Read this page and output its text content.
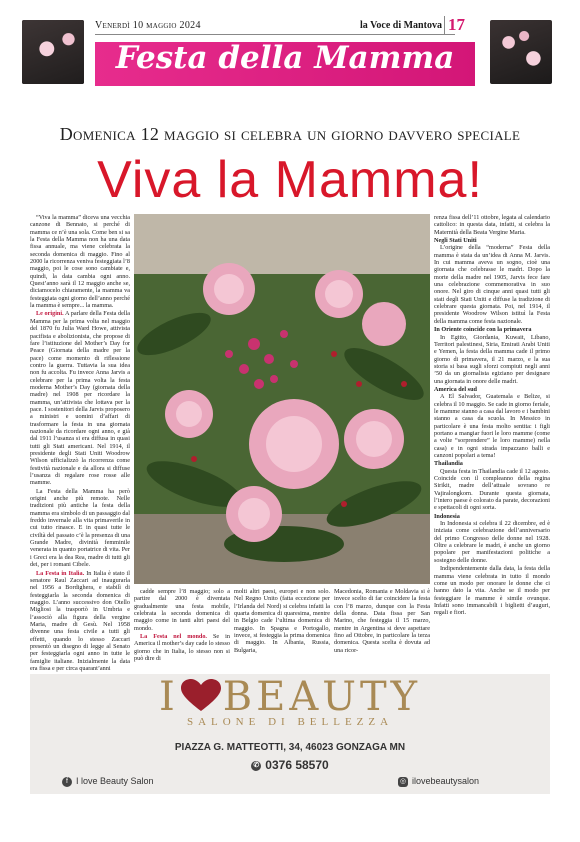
Venerdì 10 maggio 2024	la Voce di Mantova 17
Festa della Mamma
Domenica 12 maggio si celebra un giorno davvero speciale
Viva la Mamma!

“Viva la mamma” diceva una vecchia canzone di Bennato, si perché di mamma ce n’è una sola. Come ben si sa la Festa della Mamma non ha una data fissa annuale, ma viene celebrata la seconda domenica di maggio. Fino al 2000 la ricorrenza veniva festeggiata l’8 maggio, poi le cose sono cambiate e, quindi, la data cambia ogni anno. Quest’anno sarà il 12 maggio anche se, diciamocelo chiaramente, la mamma va festeggiata ogni giorno dell’anno perché la mamma è sempre... la mamma.

Le origini. A parlare della Festa della Mamma per la prima volta nel maggio del 1870 fu Julia Ward Howe, attivista pacifista e abolizionista, che propose di fare l’istituzione del Mother’s Day for Peace (Giornata della madre per la pace) come momento di riflessione contro la guerra. Tuttavia la sua idea non fu accolta. Fu invece Anna Jarvis a celebrare per la prima volta la festa moderna Mother’s Day (giornata della madre) nel 1908 per ricordare la mamma, un’attivista che lottava per la pace. I sostenitori della Jarvis proposero a ministri e uomini d’affari di trasformare la festa in una giornata nazionale da ricordare ogni anno, e già dal 1911 l’usanza si era diffusa in quasi tutti gli Stati americani. Nel 1914, il presidente degli Stati Uniti Woodrow Wilson ufficializzò la ricorrenza come festività nazionale e da allora si diffuse l’usanza di regalare rose rosse alle mamme.

La Festa della Mamma ha però origini anche più remote. Nelle tradizioni più antiche la festa della mamma era simbolo di un passaggio dal freddo invernale alla vita primaverile in cui tutto rinasce. E in quasi tutte le civiltà del passato c’è la presenza di una Grande Madre, divinità femminile venerata in quanto portatrice di vita. Per i Greci era la dea Rea, madre di tutti gli dei, per i romani Cibele.

La Festa in Italia. In Italia è stato il senatore Raul Zaccari ad inaugurarla nel 1956 a Bordighera, e stabilì di festeggiarla la seconda domenica di maggio. L’anno successivo don Otello Migliosi la trasportò in Umbria e l’associò alla figura della vergine Maria, madre di Gesù. Nel 1958 divenne una festa civile a tutti gli effetti, quando lo stesso Zaccari presentò un disegno di legge al Senato per festeggiarla ogni anno in tutte le famiglie italiane. Inizialmente la data era fissa e per circa quarant’anni

cadde sempre l’8 maggio; solo a partire dal 2000 è diventata gradualmente una festa mobile, celebrata la seconda domenica di maggio come in tanti altri paesi del mondo.

La Festa nel mondo. Se in America il mother’s day cade lo stesso giorno che in Italia, lo stesso non si può dire di

molti altri paesi, europei e non solo. Nel Regno Unito (fatta eccezione per l’Irlanda del Nord) si celebra infatti la quarta domenica di quaresima, mentre in Belgio cade l’ultima domenica di maggio. In Spagna e Portogallo, invece, si festeggia la prima domenica di maggio. In Albania, Russia, Bulgaria,

Macedonia, Romania e Moldavia si è invece scelto di far coincidere la festa con l’8 marzo, dunque con la Festa della donna. Data fissa per San Marino, che festeggia il 15 marzo, mentre in Argentina si deve aspettare fino ad Ottobre, in particolare la terza domenica. Questa scelta è dovuta ad una ricor-

renza fissa dell’11 ottobre, legata al calendario cattolico: in questa data, infatti, si celebra la Maternità della Beata Vergine Maria.

Negli Stati Uniti

L’origine della “moderna” Festa della mamma è stata da un’idea di Anna M. Jarvis. In cui mamma aveva un sogno, cioè una giornata che celebrasse le madri. Dopo la morte della madre nel 1905, Jarvis fece fare una celebrazione commemorativa in suo onore. Nel giro di cinque anni quasi tutti gli stati degli Stati Uniti e diffuse la tradizione di celebrare questa giornata. Poi, nel 1914, il presidente Woodrow Wilson istituì la Festa della mamma come festa nazionale.

In Oriente coincide con la primavera

In Egitto, Giordania, Kuwait, Libano, Territori palestinesi, Siria, Emirati Arabi Uniti e Yemen, la festa della mamma cade il primo giorno di primavera, il 21 marzo, e la sua storia si basa sugli sforzi compiuti negli anni ’50 da un giornalista egiziano per designare una giornata in onore delle madri.

America del sud

A El Salvador, Guatemala e Belize, si celebra il 10 maggio. Se cade in giorno feriale, le mamme stanno a casa dal lavoro e i bambini stanno a casa da scuola. In Messico in particolare è una festa molto sentita: i figli portano a mangiar fuori le loro mamme (come a volte “sorprendere” le loro mamme) nella casa) e in ogni strada impazzano balli e canzoni popolari a tema!

Thailandia

Questa festa in Thailandia cade il 12 agosto. Coincide con il compleanno della regina Sirikit, madre dell’attuale sovrano re Vajiralongkorn. Durante questa giornata, l’intero paese è colorato da parate, decorazioni e spettacoli di ogni sorta.

Indonesia

In Indonesia si celebra il 22 dicembre, ed è iniziata come celebrazione dell’anniversario del primo Congresso delle donne nel 1928. Oltre a celebrare le madri, è anche un giorno popolare per manifestazioni politiche a sostegno delle donne.

Indipendentemente dalla data, la festa della mamma viene celebrata in tutto il mondo come un modo per onorare le donne che ci hanno dato la vita. Anche se il modo per festeggiare le mamme è simile ovunque. Infatti sono immancabili i biglietti d’auguri, regali e fiori.

I BEAUTY
SALONE DI BELLEZZA
PIAZZA G. MATTEOTTI, 34, 46023 GONZAGA MN
✆ 0376 58570
f I love Beauty Salon	◎ ilovebeautysalon
